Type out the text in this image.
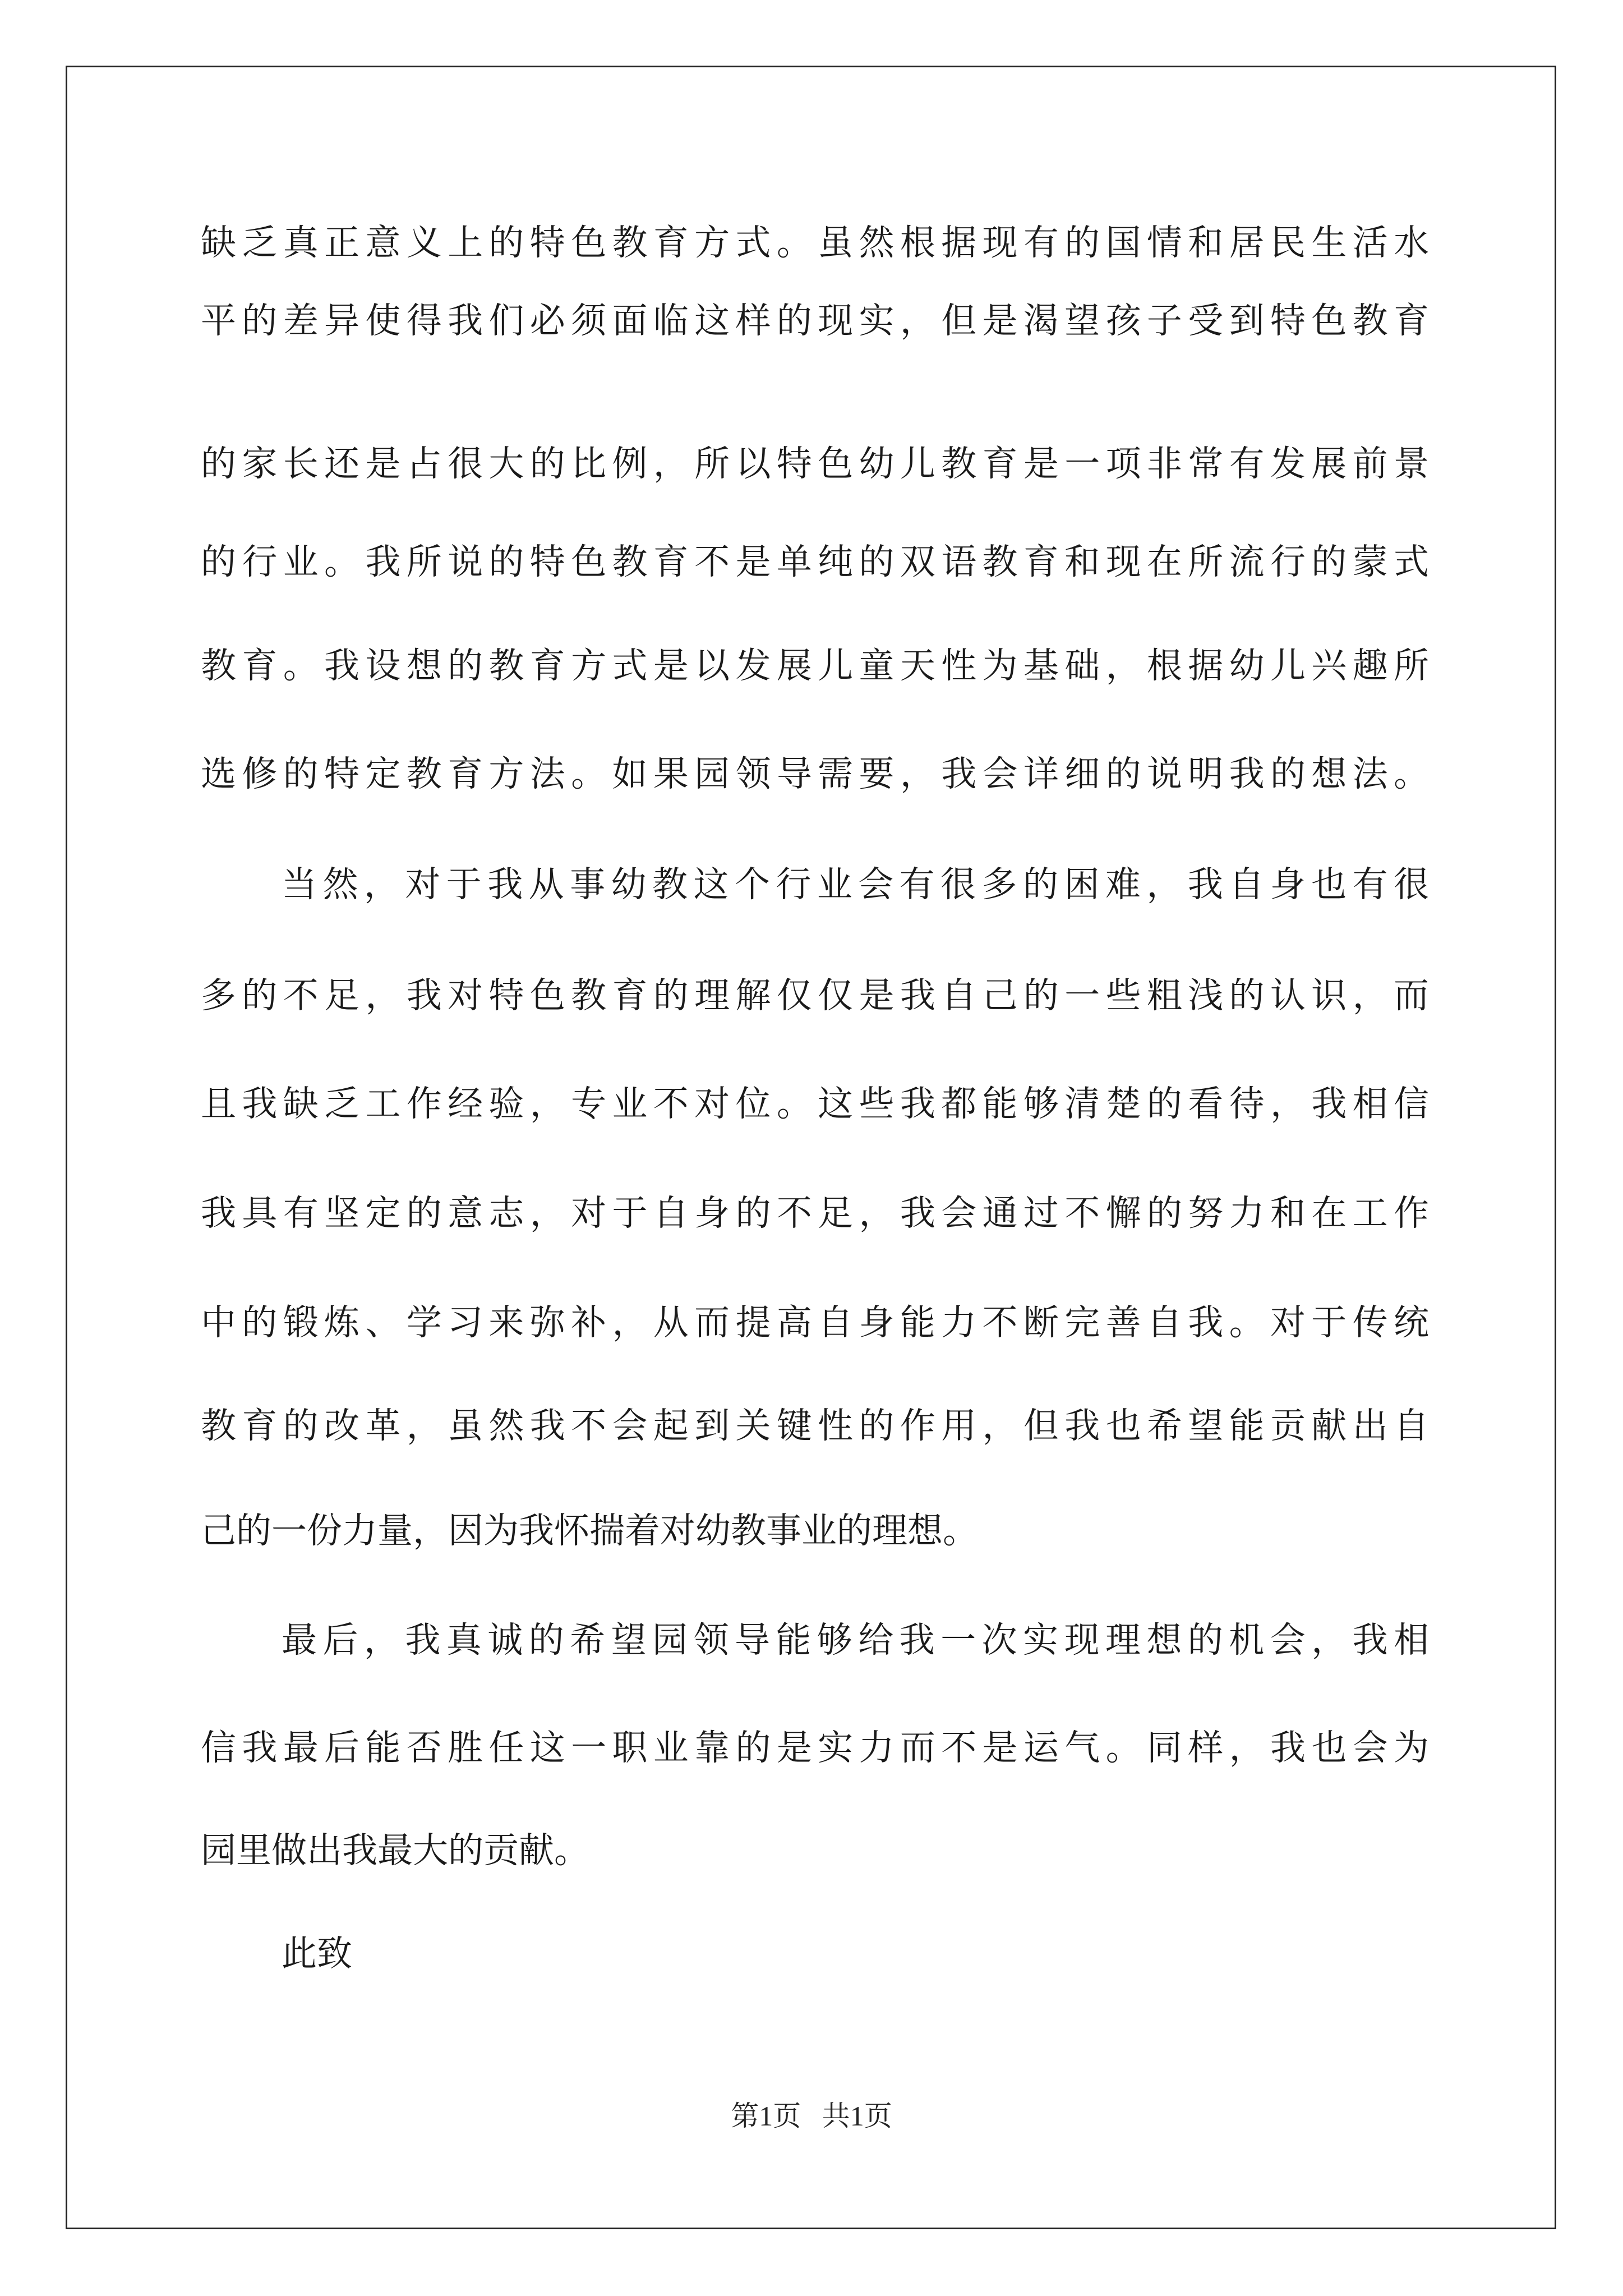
缺乏真正意义上的特色教育方式。虽然根据现有的国情和居民生活水

平的差异使得我们必须面临这样的现实，但是渴望孩子受到特色教育

的家长还是占很大的比例，所以特色幼儿教育是一项非常有发展前景

的行业。我所说的特色教育不是单纯的双语教育和现在所流行的蒙式

教育。我设想的教育方式是以发展儿童天性为基础，根据幼儿兴趣所

选修的特定教育方法。如果园领导需要，我会详细的说明我的想法。

当然，对于我从事幼教这个行业会有很多的困难，我自身也有很

多的不足，我对特色教育的理解仅仅是我自己的一些粗浅的认识，而

且我缺乏工作经验，专业不对位。这些我都能够清楚的看待，我相信

我具有坚定的意志，对于自身的不足，我会通过不懈的努力和在工作

中的锻炼、学习来弥补，从而提高自身能力不断完善自我。对于传统

教育的改革，虽然我不会起到关键性的作用，但我也希望能贡献出自

己的一份力量，因为我怀揣着对幼教事业的理想。

最后，我真诚的希望园领导能够给我一次实现理想的机会，我相

信我最后能否胜任这一职业靠的是实力而不是运气。同样，我也会为

园里做出我最大的贡献。

此致

第1页   共1页
